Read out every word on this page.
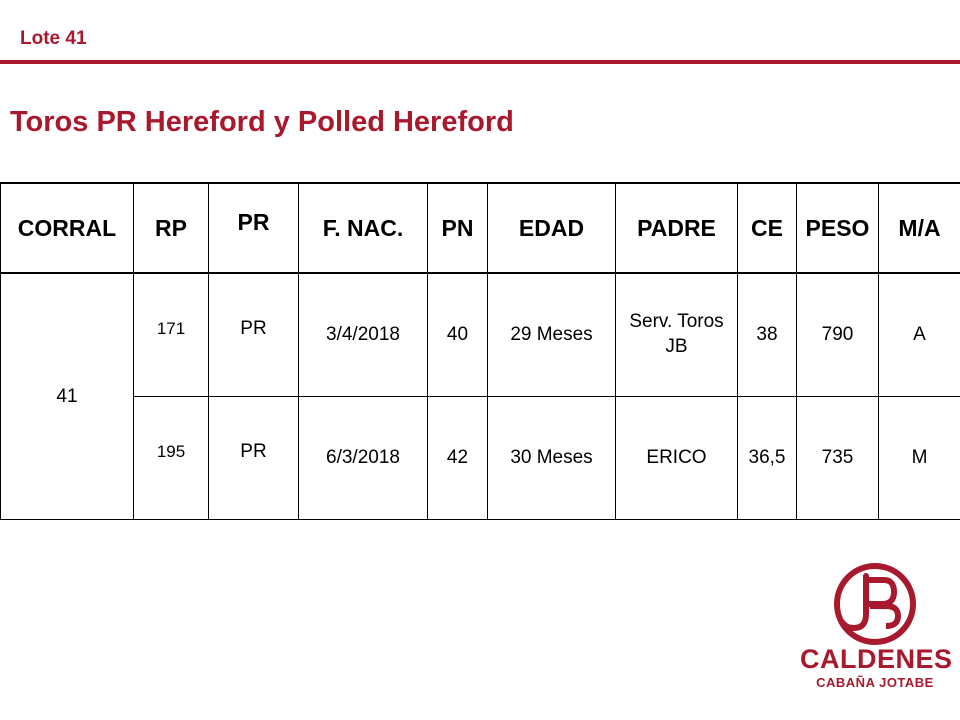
Lote 41
Toros PR Hereford y Polled Hereford
CORRAL	RP	PR	F. NAC.	PN	EDAD	PADRE	CE	PESO	M/A
41	171	PR	3/4/2018	40	29 Meses	Serv. Toros JB	38	790	A
	195	PR	6/3/2018	42	30 Meses	ERICO	36,5	735	M
CALDENES
CABAÑA JOTABE
